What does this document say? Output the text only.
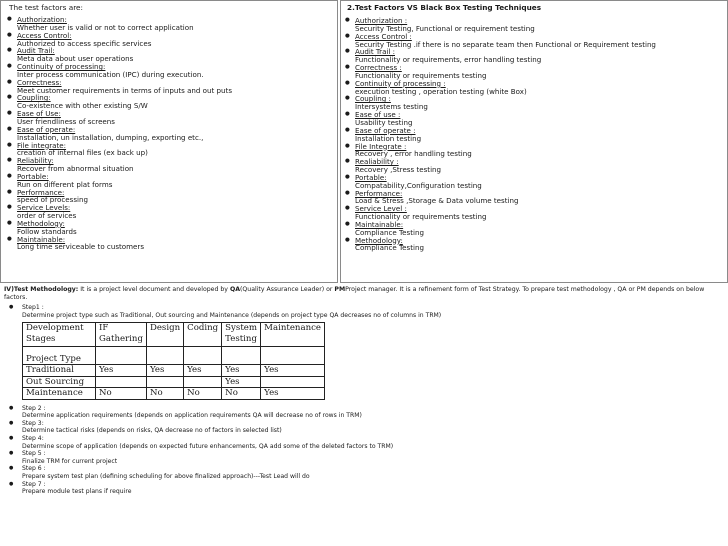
The test factors are:
● Authorization:
Whether user is valid or not to correct application
● Access Control:
Authorized to access specific services
● Audit Trail:
Meta data about user operations
● Continuity of processing:
Inter process communication (IPC) during execution.
● Correctness:
Meet customer requirements in terms of inputs and out puts
● Coupling:
Co-existence with other existing S/W
● Ease of Use:
User friendliness of screens
● Ease of operate:
Installation, un installation, dumping, exporting etc.,
● File integrate:
creation of internal files (ex back up)
● Reliability:
Recover from abnormal situation
● Portable:
Run on different plat forms
● Performance:
speed of processing
● Service Levels:
order of services
● Methodology:
Follow standards
● Maintainable:
Long time serviceable to customers
2.Test Factors VS Black Box Testing Techniques
● Authorization :
Security Testing, Functional or requirement testing
● Access Control :
Security Testing .if there is no separate team then Functional or Requirement testing
● Audit Trail :
Functionality or requirements, error handling testing
● Correctness :
Functionality or requirements testing
● Continuity of processing :
execution testing , operation testing (white Box)
● Coupling :
Intersystems testing
● Ease of use :
Usability testing
● Ease of operate :
Installation testing
● File Integrate :
Recovery , error handling testing
● Realiability :
Recovery ,Stress testing
● Portable:
Compatability,Configuration testing
● Performance:
Load & Stress ,Storage & Data volume testing
● Service Level :
Functionality or requirements testing
● Maintainable:
Compliance Testing
● Methodology:
Compliance Testing
IV)Test Methodology: It is a project level document and developed by QA(Quality Assurance Leader) or PMProject manager. It is a refinement form of Test Strategy. To prepare test methodology , QA or PM depends on below factors.
● Step1 :
Determine project type such as Traditional, Out sourcing and Maintenance (depends on project type QA decreases no of columns in TRM)
Development Stages	IF Gathering	Design	Coding	System Testing	Maintenance
Project Type					
Traditional	Yes	Yes	Yes	Yes	Yes
Out Sourcing				Yes	
Maintenance	No	No	No	No	Yes
● Step 2 :
Determine application requirements (depends on application requirements QA will decrease no of rows in TRM)
● Step 3:
Determine tactical risks (depends on risks, QA decrease no of factors in selected list)
● Step 4:
Determine scope of application (depends on expected future enhancements, QA add some of the deleted factors to TRM)
● Step 5 :
Finalize TRM for current project
● Step 6 :
Prepare system test plan (defining scheduling for above finalized approach)---Test Lead will do
● Step 7 :
Prepare module test plans if require
